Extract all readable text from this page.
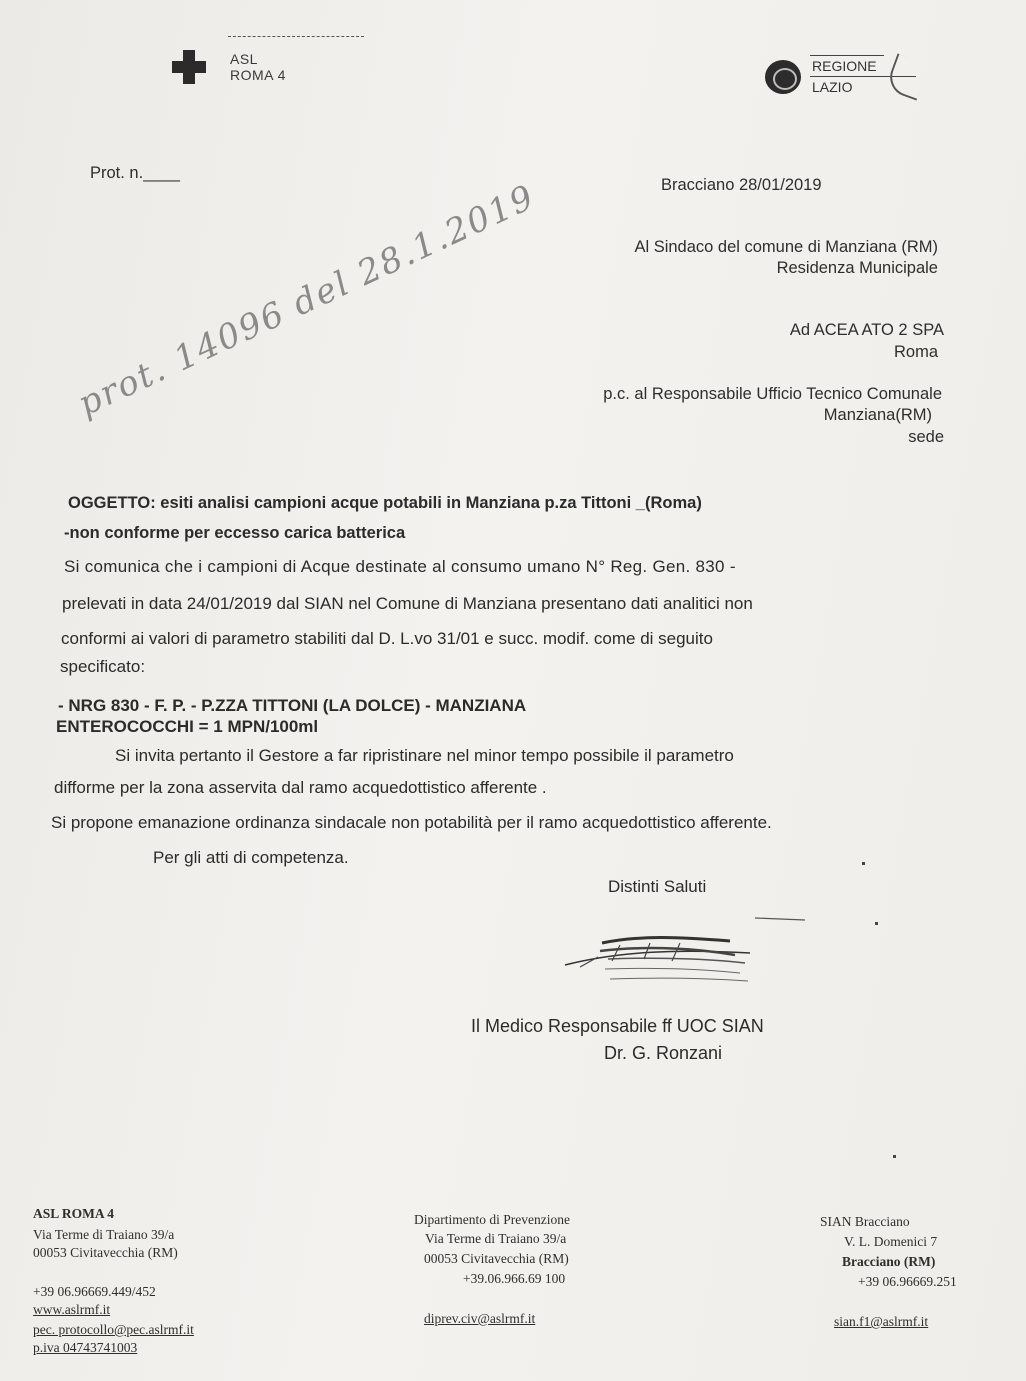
ASL
ROMA 4
REGIONE
LAZIO
Prot. n.____
Bracciano 28/01/2019
prot. 14096 del 28.1.2019	Al Sindaco del comune di Manziana (RM)
Residenza Municipale
Ad ACEA ATO 2 SPA
Roma
p.c. al Responsabile Ufficio Tecnico Comunale
Manziana(RM)
sede
OGGETTO: esiti analisi campioni acque potabili in Manziana p.za Tittoni _(Roma)
-non conforme per eccesso carica batterica
Si comunica che i campioni di Acque destinate al consumo umano N° Reg. Gen. 830 -
prelevati in data 24/01/2019 dal SIAN nel Comune di Manziana presentano dati analitici non
conformi ai valori di parametro stabiliti dal D. L.vo 31/01 e succ. modif. come di seguito
specificato:
- NRG 830 - F. P. - P.ZZA TITTONI (LA DOLCE) - MANZIANA
ENTEROCOCCHI = 1 MPN/100ml
Si invita pertanto il Gestore a far ripristinare nel minor tempo possibile il parametro
difforme per la zona asservita dal ramo acquedottistico afferente .
Si propone emanazione ordinanza sindacale non potabilità per il ramo acquedottistico afferente.
Per gli atti di competenza.
Distinti Saluti
Il Medico Responsabile ff UOC SIAN
Dr. G. Ronzani
ASL ROMA 4
Via Terme di Traiano 39/a
00053 Civitavecchia (RM)
+39 06.96669.449/452
www.aslrmf.it
pec. protocollo@pec.aslrmf.it
p.iva 04743741003
Dipartimento di Prevenzione
Via Terme di Traiano 39/a
00053 Civitavecchia (RM)
+39.06.966.69 100
diprev.civ@aslrmf.it
SIAN Bracciano
V. L. Domenici 7
Bracciano (RM)
+39 06.96669.251
sian.f1@aslrmf.it
